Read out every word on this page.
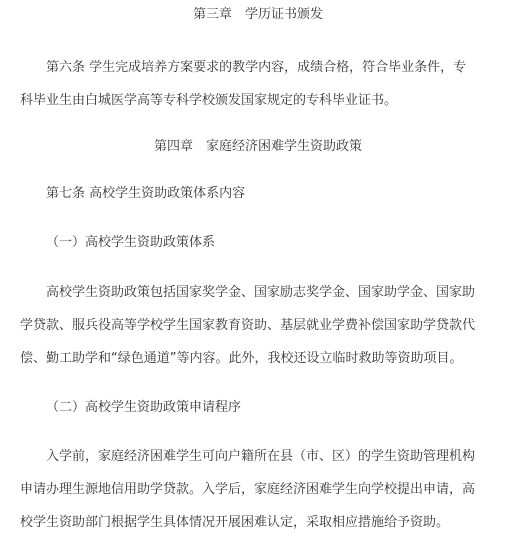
第三章　学历证书颁发
第六条 学生完成培养方案要求的教学内容，成绩合格，符合毕业条件，专
科毕业生由白城医学高等专科学校颁发国家规定的专科毕业证书。
第四章　家庭经济困难学生资助政策
第七条 高校学生资助政策体系内容
（一）高校学生资助政策体系
高校学生资助政策包括国家奖学金、国家励志奖学金、国家助学金、国家助
学贷款、服兵役高等学校学生国家教育资助、基层就业学费补偿国家助学贷款代
偿、勤工助学和“绿色通道”等内容。此外，我校还设立临时救助等资助项目。
（二）高校学生资助政策申请程序
入学前，家庭经济困难学生可向户籍所在县（市、区）的学生资助管理机构
申请办理生源地信用助学贷款。入学后，家庭经济困难学生向学校提出申请，高
校学生资助部门根据学生具体情况开展困难认定，采取相应措施给予资助。
